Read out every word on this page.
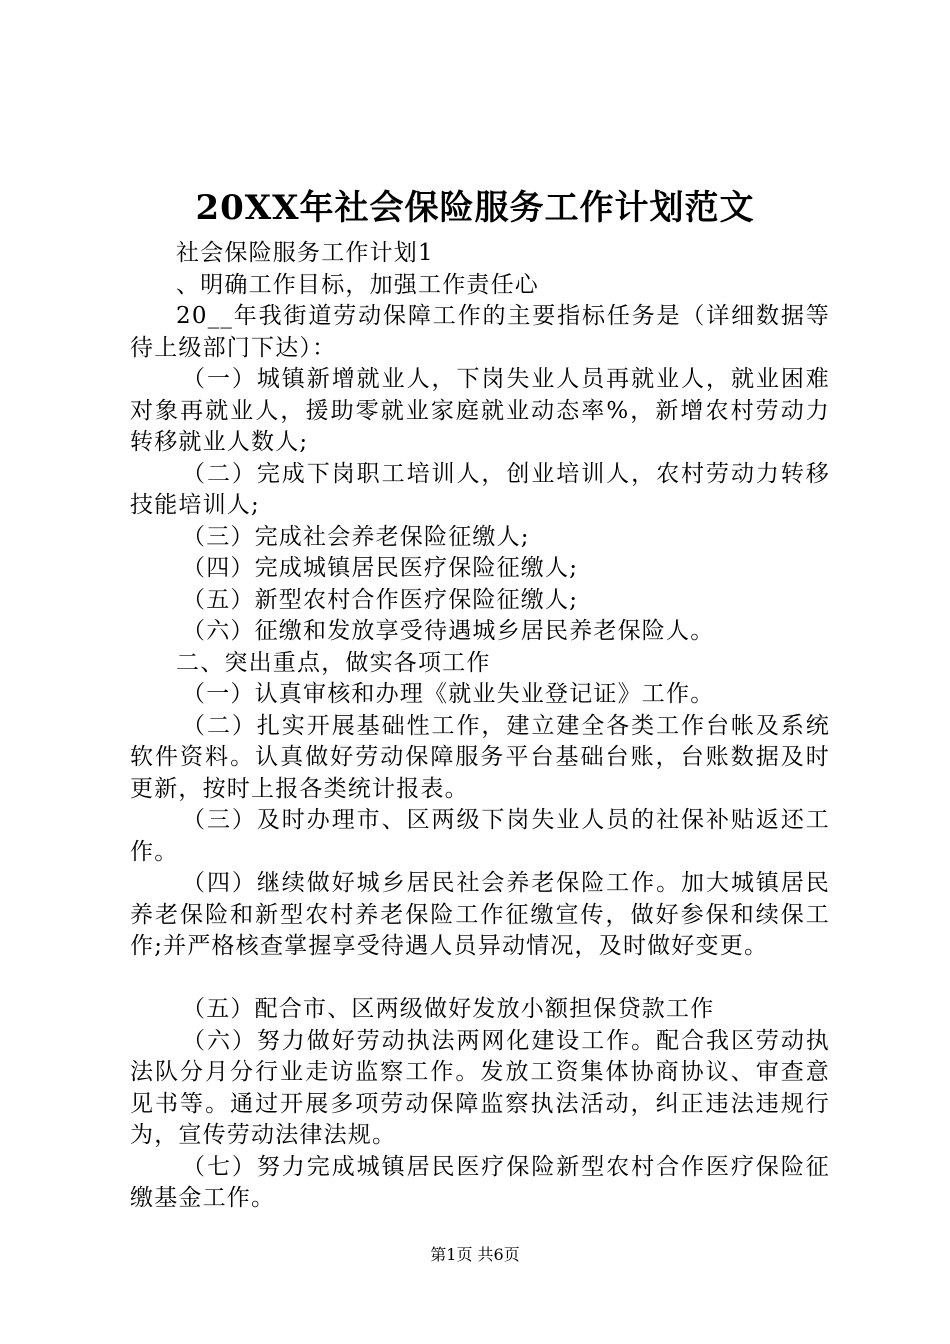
20XX年社会保险服务工作计划范文

社会保险服务工作计划1

、明确工作目标，加强工作责任心

20__年我街道劳动保障工作的主要指标任务是（详细数据等待上级部门下达）：

（一）城镇新增就业人，下岗失业人员再就业人，就业困难对象再就业人，援助零就业家庭就业动态率%，新增农村劳动力转移就业人数人;

（二）完成下岗职工培训人，创业培训人，农村劳动力转移技能培训人;

（三）完成社会养老保险征缴人;

（四）完成城镇居民医疗保险征缴人;

（五）新型农村合作医疗保险征缴人;

（六）征缴和发放享受待遇城乡居民养老保险人。

二、突出重点，做实各项工作

（一）认真审核和办理《就业失业登记证》工作。

（二）扎实开展基础性工作，建立建全各类工作台帐及系统软件资料。认真做好劳动保障服务平台基础台账，台账数据及时更新，按时上报各类统计报表。

（三）及时办理市、区两级下岗失业人员的社保补贴返还工作。

（四）继续做好城乡居民社会养老保险工作。加大城镇居民养老保险和新型农村养老保险工作征缴宣传，做好参保和续保工作;并严格核查掌握享受待遇人员异动情况，及时做好变更。

（五）配合市、区两级做好发放小额担保贷款工作

（六）努力做好劳动执法两网化建设工作。配合我区劳动执法队分月分行业走访监察工作。发放工资集体协商协议、审查意见书等。通过开展多项劳动保障监察执法活动，纠正违法违规行为，宣传劳动法律法规。

（七）努力完成城镇居民医疗保险新型农村合作医疗保险征缴基金工作。

第1页 共6页
